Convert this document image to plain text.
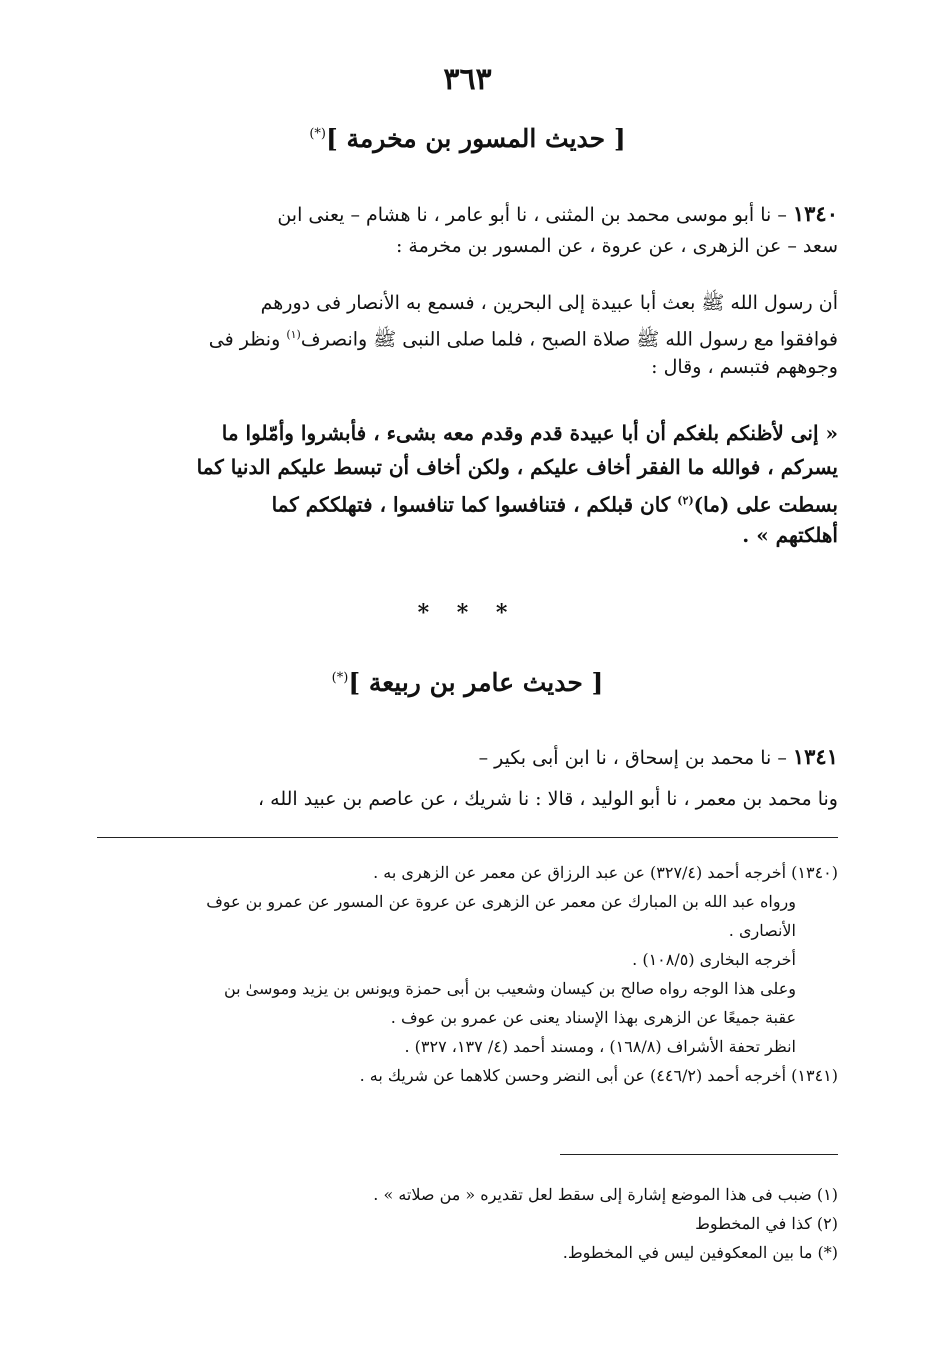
٣٦٣
[ حديث المسور بن مخرمة ](*)
١٣٤٠ – نا أبو موسى محمد بن المثنى ، نا أبو عامر ، نا هشام – يعنى ابن
سعد – عن الزهرى ، عن عروة ، عن المسور بن مخرمة :
أن رسول الله ﷺ بعث أبا عبيدة إلى البحرين ، فسمع به الأنصار فى دورهم
فوافقوا مع رسول الله ﷺ صلاة الصبح ، فلما صلى النبى ﷺ وانصرف$^{(١)}$ ونظر فى
وجوههم فتبسم ، وقال :
« إنى لأظنكم بلغكم أن أبا عبيدة قدم وقدم معه بشىء ، فأبشروا وأمّلوا ما
يسركم ، فوالله ما الفقر أخاف عليكم ، ولكن أخاف أن تبسط عليكم الدنيا كما
بسطت على (ما)$^{(٢)}$ كان قبلكم ، فتنافسوا كما تنافسوا ، فتهلككم كما
أهلكتهم » .
* * *
[ حديث عامر بن ربيعة ](*)
١٣٤١ – نا محمد بن إسحاق ، نا ابن أبى بكير –
ونا محمد بن معمر ، نا أبو الوليد ، قالا : نا شريك ، عن عاصم بن عبيد الله ،
(١٣٤٠) أخرجه أحمد (٣٢٧/٤) عن عبد الرزاق عن معمر عن الزهرى به .
ورواه عبد الله بن المبارك عن معمر عن الزهرى عن عروة عن المسور عن عمرو بن عوف
الأنصارى .
أخرجه البخارى (١٠٨/٥) .
وعلى هذا الوجه رواه صالح بن كيسان وشعيب بن أبى حمزة ويونس بن يزيد وموسىٰ بن
عقبة جميعًا عن الزهرى بهذا الإسناد يعنى عن عمرو بن عوف .
انظر تحفة الأشراف (١٦٨/٨) ، ومسند أحمد (٤/ ١٣٧، ٣٢٧) .
(١٣٤١) أخرجه أحمد (٤٤٦/٢) عن أبى النضر وحسن كلاهما عن شريك به .
(١) ضبب فى هذا الموضع إشارة إلى سقط لعل تقديره « من صلاته » .
(٢) كذا في المخطوط
(*) ما بين المعكوفين ليس في المخطوط.
